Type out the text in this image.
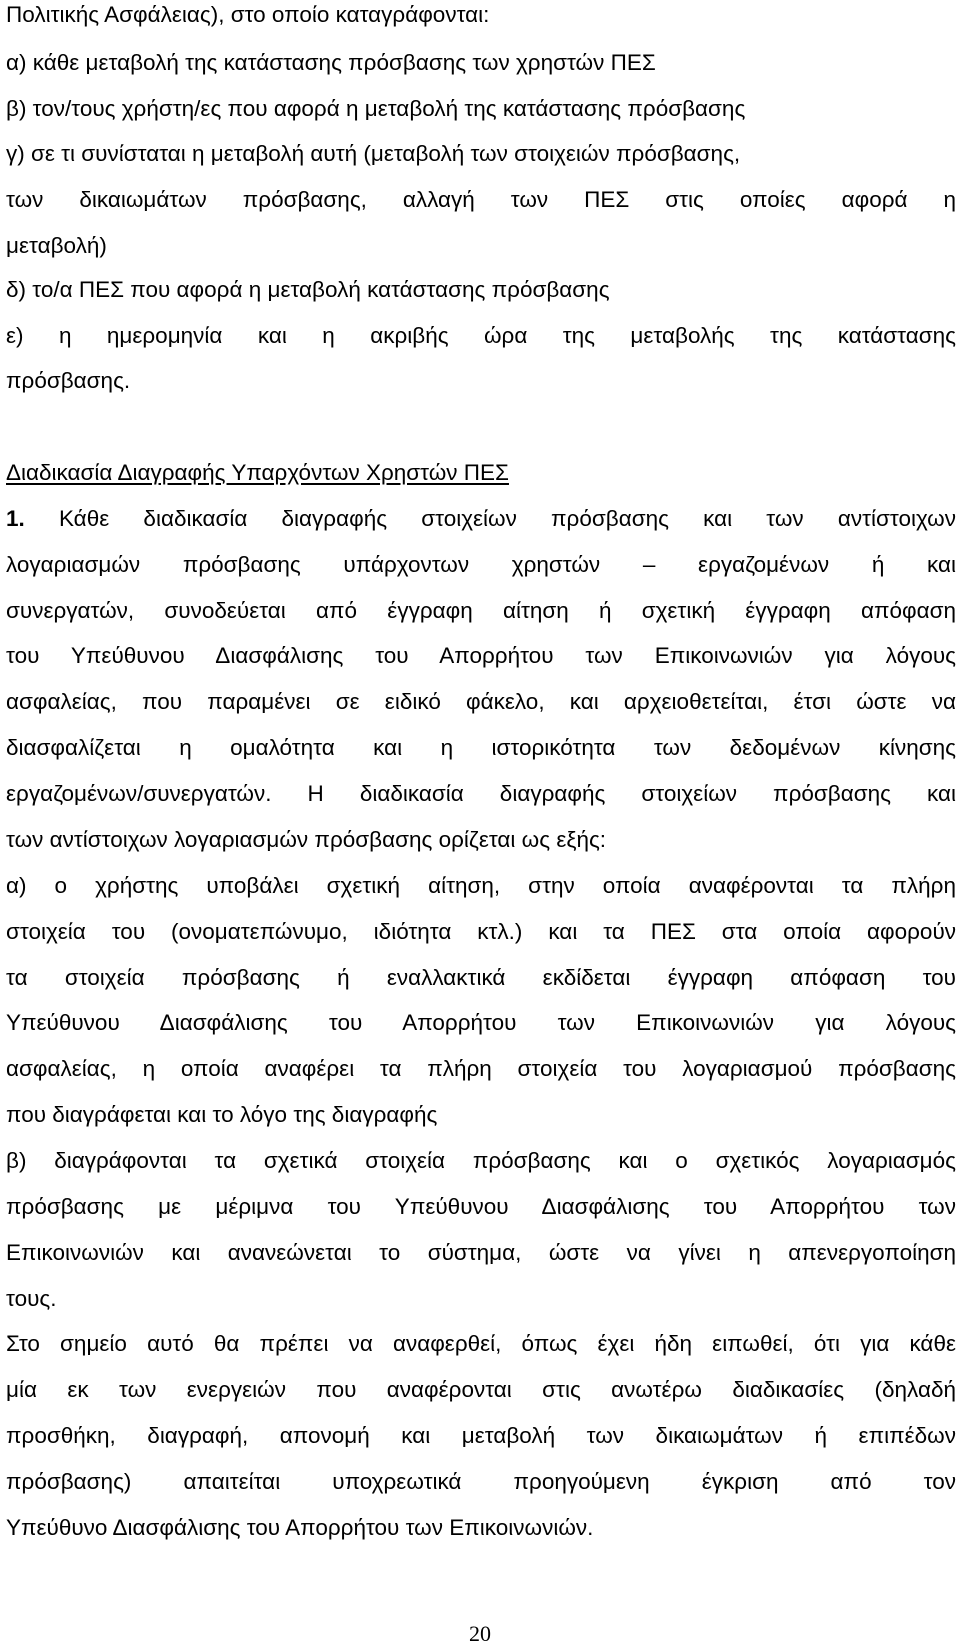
Πολιτικής Ασφάλειας), στο οποίο καταγράφονται:
α) κάθε μεταβολή της κατάστασης πρόσβασης των χρηστών ΠΕΣ
β) τον/τους χρήστη/ες που αφορά η μεταβολή της κατάστασης πρόσβασης
γ) σε τι συνίσταται η μεταβολή αυτή (μεταβολή των στοιχειών πρόσβασης,
των δικαιωμάτων πρόσβασης, αλλαγή των ΠΕΣ στις οποίες αφορά η
μεταβολή)
δ) το/α ΠΕΣ που αφορά η μεταβολή κατάστασης πρόσβασης
ε) η ημερομηνία και η ακριβής ώρα της μεταβολής της κατάστασης
πρόσβασης.
Διαδικασία Διαγραφής Υπαρχόντων Χρηστών ΠΕΣ
1. Κάθε διαδικασία διαγραφής στοιχείων πρόσβασης και των αντίστοιχων
λογαριασμών πρόσβασης υπάρχοντων χρηστών – εργαζομένων ή και
συνεργατών, συνοδεύεται από έγγραφη αίτηση ή σχετική έγγραφη απόφαση
του Υπεύθυνου Διασφάλισης του Απορρήτου των Επικοινωνιών για λόγους
ασφαλείας, που παραμένει σε ειδικό φάκελο, και αρχειοθετείται, έτσι ώστε να
διασφαλίζεται η ομαλότητα και η ιστορικότητα των δεδομένων κίνησης
εργαζομένων/συνεργατών. Η διαδικασία διαγραφής στοιχείων πρόσβασης και
των αντίστοιχων λογαριασμών πρόσβασης ορίζεται ως εξής:
α) ο χρήστης υποβάλει σχετική αίτηση, στην οποία αναφέρονται τα πλήρη
στοιχεία του (ονοματεπώνυμο, ιδιότητα κτλ.) και τα ΠΕΣ στα οποία αφορούν
τα στοιχεία πρόσβασης ή εναλλακτικά εκδίδεται έγγραφη απόφαση του
Υπεύθυνου Διασφάλισης του Απορρήτου των Επικοινωνιών για λόγους
ασφαλείας, η οποία αναφέρει τα πλήρη στοιχεία του λογαριασμού πρόσβασης
που διαγράφεται και το λόγο της διαγραφής
β) διαγράφονται τα σχετικά στοιχεία πρόσβασης και ο σχετικός λογαριασμός
πρόσβασης με μέριμνα του Υπεύθυνου Διασφάλισης του Απορρήτου των
Επικοινωνιών και ανανεώνεται το σύστημα, ώστε να γίνει η απενεργοποίηση
τους.
Στο σημείο αυτό θα πρέπει να αναφερθεί, όπως έχει ήδη ειπωθεί, ότι για κάθε
μία εκ των ενεργειών που αναφέρονται στις ανωτέρω διαδικασίες (δηλαδή
προσθήκη, διαγραφή, απονομή και μεταβολή των δικαιωμάτων ή επιπέδων
πρόσβασης) απαιτείται υποχρεωτικά προηγούμενη έγκριση από τον
Υπεύθυνο Διασφάλισης του Απορρήτου των Επικοινωνιών.
20
